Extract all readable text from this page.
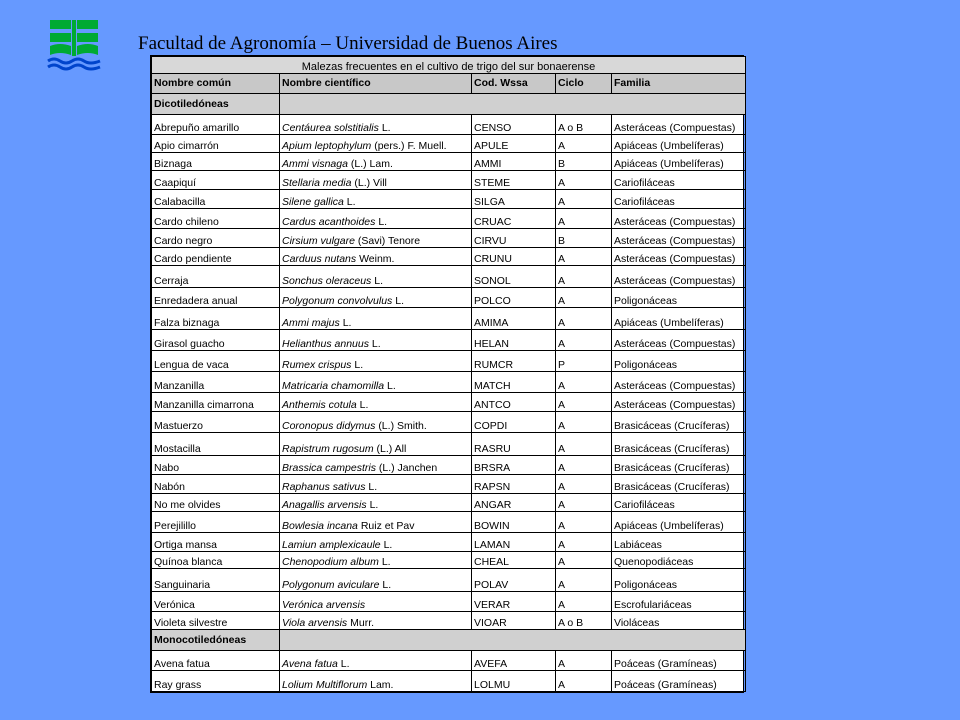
Facultad de Agronomía – Universidad de Buenos Aires
Malezas frecuentes en el cultivo de trigo del sur bonaerense				
Nombre común	Nombre científico	Cod. Wssa	Ciclo	Familia
Dicotiledóneas				
Abrepuño amarillo	Centáurea solstitialis L.	CENSO	A o B	Asteráceas (Compuestas)
Apio cimarrón	Apium leptophylum (pers.) F. Muell.	APULE	A	Apiáceas (Umbelíferas)
Biznaga	Ammi visnaga (L.) Lam.	AMMI	B	Apiáceas (Umbelíferas)
Caapiquí	Stellaria media (L.) Vill	STEME	A	Cariofiláceas
Calabacilla	Silene gallica L.	SILGA	A	Cariofiláceas
Cardo chileno	Cardus acanthoides L.	CRUAC	A	Asteráceas (Compuestas)
Cardo negro	Cirsium vulgare (Savi) Tenore	CIRVU	B	Asteráceas (Compuestas)
Cardo pendiente	Carduus nutans Weinm.	CRUNU	A	Asteráceas (Compuestas)
Cerraja	Sonchus oleraceus L.	SONOL	A	Asteráceas (Compuestas)
Enredadera anual	Polygonum convolvulus L.	POLCO	A	Poligonáceas
Falza biznaga	Ammi majus L.	AMIMA	A	Apiáceas (Umbelíferas)
Girasol guacho	Helianthus annuus L.	HELAN	A	Asteráceas (Compuestas)
Lengua de vaca	Rumex crispus L.	RUMCR	P	Poligonáceas
Manzanilla	Matricaria chamomilla L.	MATCH	A	Asteráceas (Compuestas)
Manzanilla cimarrona	Anthemis cotula L.	ANTCO	A	Asteráceas (Compuestas)
Mastuerzo	Coronopus didymus (L.) Smith.	COPDI	A	Brasicáceas (Crucíferas)
Mostacilla	Rapistrum rugosum (L.) All	RASRU	A	Brasicáceas (Crucíferas)
Nabo	Brassica campestris (L.) Janchen	BRSRA	A	Brasicáceas (Crucíferas)
Nabón	Raphanus sativus L.	RAPSN	A	Brasicáceas (Crucíferas)
No me olvides	Anagallis arvensis L.	ANGAR	A	Cariofiláceas
Perejilillo	Bowlesia incana Ruiz et Pav	BOWIN	A	Apiáceas (Umbelíferas)
Ortiga mansa	Lamiun amplexicaule L.	LAMAN	A	Labiáceas
Quínoa blanca	Chenopodium album L.	CHEAL	A	Quenopodiáceas
Sanguinaria	Polygonum aviculare L.	POLAV	A	Poligonáceas
Verónica	Verónica arvensis	VERAR	A	Escrofulariáceas
Violeta silvestre	Viola arvensis Murr.	VIOAR	A o B	Violáceas
Monocotiledóneas				
Avena fatua	Avena fatua L.	AVEFA	A	Poáceas (Gramíneas)
Ray grass	Lolium Multiflorum Lam.	LOLMU	A	Poáceas (Gramíneas)
